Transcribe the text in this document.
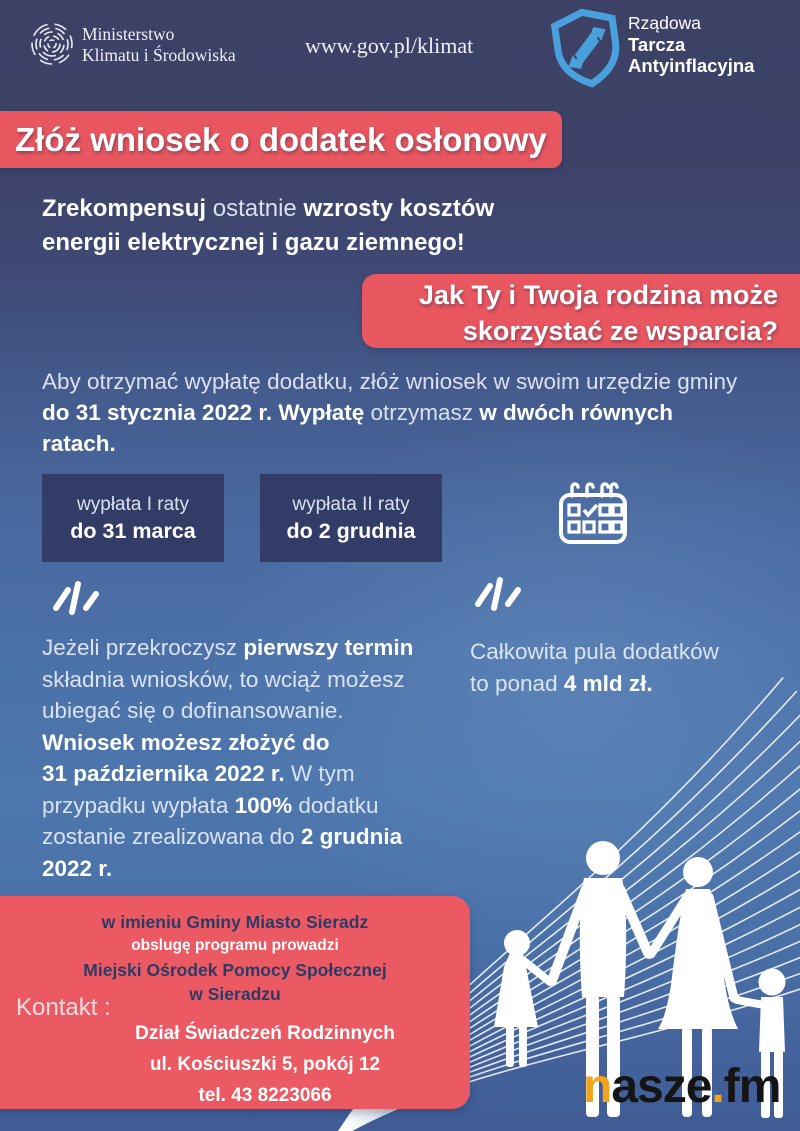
Ministerstwo
Klimatu i Środowiska	www.gov.pl/klimat
Rządowa
Tarcza
Antyinflacyjna
Złóż wniosek o dodatek osłonowy
Zrekompensuj ostatnie wzrosty kosztów
energii elektrycznej i gazu ziemnego!
Jak Ty i Twoja rodzina może
skorzystać ze wsparcia?
Aby otrzymać wypłatę dodatku, złóż wniosek w swoim urzędzie gminy
do 31 stycznia 2022 r. Wypłatę otrzymasz w dwóch równych
ratach.
wypłata I raty
do 31 marca
wypłata II raty
do 2 grudnia
Jeżeli przekroczysz pierwszy termin
składnia wniosków, to wciąż możesz
ubiegać się o dofinansowanie.
Wniosek możesz złożyć do
31 października 2022 r. W tym
przypadku wypłata 100% dodatku
zostanie zrealizowana do 2 grudnia
2022 r.
Całkowita pula dodatków
to ponad 4 mld zł.
w imieniu Gminy Miasto Sieradz
obslugę programu prowadzi
Miejski Ośrodek Pomocy Społecznej
w Sieradzu
Kontakt :
Dział Świadczeń Rodzinnych
ul. Kościuszki 5, pokój 12
tel. 43 8223066	nasze.fm
